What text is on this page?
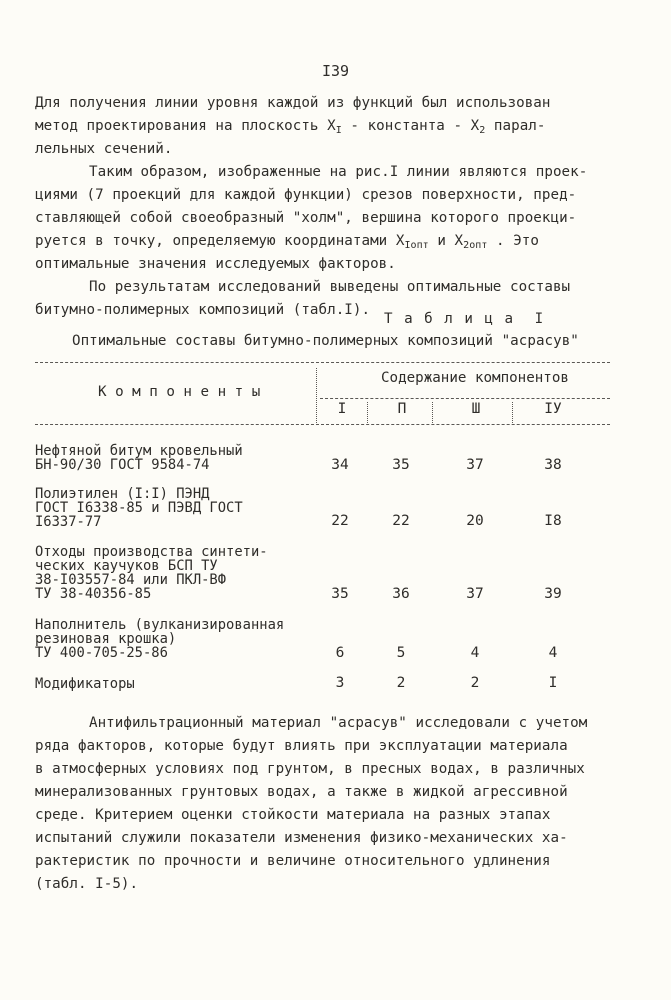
I39
Для получения линии уровня каждой из функций был использован
метод проектирования на плоскость $Х_I$ - константа - $Х_2$ парал-
лельных сечений.
Таким образом, изображенные на рис.I линии являются проек-
циями (7 проекций для каждой функции) срезов поверхности, пред-
ставляющей собой своеобразный "холм", вершина которого проекци-
руется в точку, определяемую координатами $Х_{Iопт}$ и $Х_{2опт}$ . Это
оптимальные значения исследуемых факторов.
По результатам исследований выведены оптимальные составы
битумно-полимерных композиций (табл.I).
Т а б л и ц а  I
Оптимальные составы битумно-полимерных композиций "асрасув"
К о м п о н е н т ы
Содержание компонентов
I	П	Ш	IУ
Нефтяной битум кровельный
БН-90/30 ГОСТ 9584-74	34	35	37	38
Полиэтилен (I:I) ПЭНД
ГОСТ I6338-85 и ПЭВД ГОСТ
I6337-77	22	22	20	I8
Отходы производства синтети-
ческих каучуков БСП ТУ
38-I03557-84 или ПКЛ-ВФ
ТУ 38-40356-85	35	36	37	39
Наполнитель (вулканизированная
резиновая крошка)
ТУ 400-705-25-86	6	5	4	4
Модификаторы	3	2	2	I
Антифильтрационный материал "асрасув" исследовали с учетом
ряда факторов, которые будут влиять при эксплуатации материала
в атмосферных условиях под грунтом, в пресных водах, в различных
минерализованных грунтовых водах, а также в жидкой агрессивной
среде. Критерием оценки стойкости материала на разных этапах
испытаний служили показатели изменения физико-механических ха-
рактеристик по прочности и величине относительного удлинения
(табл. I-5).
